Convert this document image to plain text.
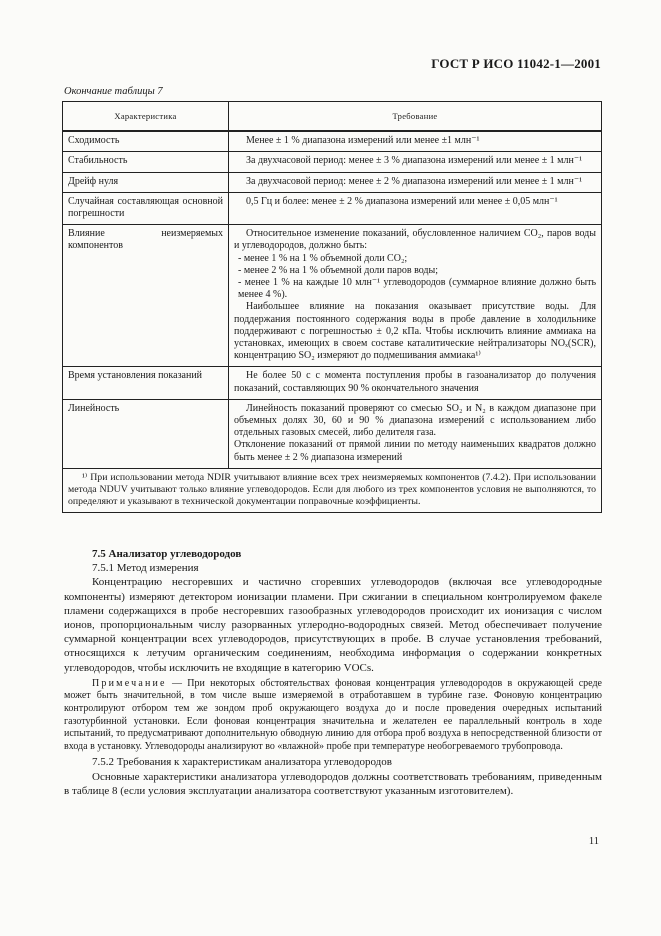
ГОСТ Р ИСО 11042-1—2001
Окончание таблицы 7
Характеристика	Требование

Сходимость	Менее ± 1 % диапазона измерений или менее ±1 млн⁻¹

Стабильность	За двухчасовой период: менее ± 3 % диапазона измерений или менее ± 1 млн⁻¹

Дрейф нуля	За двухчасовой период: менее ± 2 % диапазона измерений или менее ± 1 млн⁻¹

Случайная составляющая основной погрешности	0,5 Гц и более: менее ± 2 % диапазона измерений или менее ± 0,05 млн⁻¹

Влияние неизмеряемых компонентов	Относительное изменение показаний, обусловленное наличием CO₂, паров воды и углеводородов, должно быть:
- менее 1 % на 1 % объемной доли CO₂;
- менее 2 % на 1 % объемной доли паров воды;
- менее 1 % на каждые 10 млн⁻¹ углеводородов (суммарное влияние должно быть менее 4 %).
Наибольшее влияние на показания оказывает присутствие воды. Для поддержания постоянного содержания воды в пробе давление в холодильнике поддерживают с погрешностью ± 0,2 кПа. Чтобы исключить влияние аммиака на установках, имеющих в своем составе каталитические нейтрализаторы NOₓ(SCR), концентрацию SO₂ измеряют до подмешивания аммиака¹⁾

Время установления показаний	Не более 50 с с момента поступления пробы в газоанализатор до получения показаний, составляющих 90 % окончательного значения

Линейность	Линейность показаний проверяют со смесью SO₂ и N₂ в каждом диапазоне при объемных долях 30, 60 и 90 % диапазона измерений с использованием либо отдельных газовых смесей, либо делителя газа.
Отклонение показаний от прямой линии по методу наименьших квадратов должно быть менее ± 2 % диапазона измерений

¹⁾ При использовании метода NDIR учитывают влияние всех трех неизмеряемых компонентов (7.4.2). При использовании метода NDUV учитывают только влияние углеводородов. Если для любого из трех компонентов условия не выполняются, то определяют и указывают в технической документации поправочные коэффициенты.	

7.5 Анализатор углеводородов

7.5.1 Метод измерения

Концентрацию несгоревших и частично сгоревших углеводородов (включая все углеводородные компоненты) измеряют детектором ионизации пламени. При сжигании в специальном контролируемом факеле пламени содержащихся в пробе несгоревших газообразных углеводородов происходит их ионизация с числом ионов, пропорциональным числу разорванных углеродно-водородных связей. Метод обеспечивает получение суммарной концентрации всех углеводородов, присутствующих в пробе. В случае установления требований, относящихся к летучим органическим соединениям, необходима информация о содержании конкретных углеводородов, чтобы исключить не входящие в категорию VOCs.

Примечание — При некоторых обстоятельствах фоновая концентрация углеводородов в окружающей среде может быть значительной, в том числе выше измеряемой в отработавшем в турбине газе. Фоновую концентрацию контролируют отбором тем же зондом проб окружающего воздуха до и после проведения очередных испытаний газотурбинной установки. Если фоновая концентрация значительна и желателен ее параллельный контроль в ходе испытаний, то предусматривают дополнительную обводную линию для отбора проб воздуха в непосредственной близости от входа в установку. Углеводороды анализируют во «влажной» пробе при температуре необогреваемого трубопровода.

7.5.2 Требования к характеристикам анализатора углеводородов

Основные характеристики анализатора углеводородов должны соответствовать требованиям, приведенным в таблице 8 (если условия эксплуатации анализатора соответствуют указанным изготовителем).

11
